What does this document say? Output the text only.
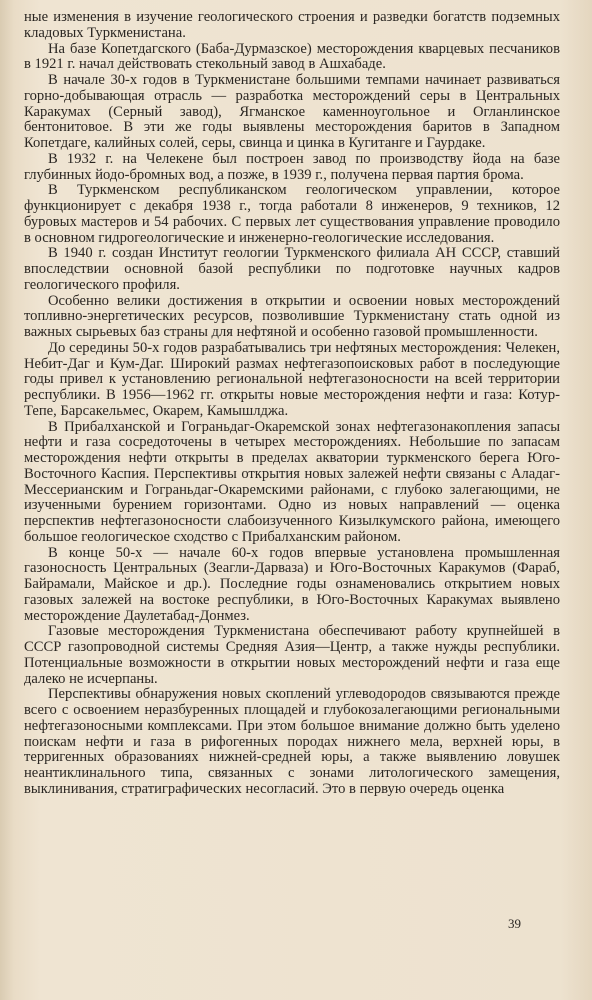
ные изменения в изучение геологического строения и разведки богатств подземных кладовых Туркменистана.

На базе Копетдагского (Баба-Дурмазское) месторождения кварцевых песчаников в 1921 г. начал действовать стекольный завод в Ашхабаде.

В начале 30-х годов в Туркменистане большими темпами начинает развиваться горно-добывающая отрасль — разработка месторождений серы в Центральных Каракумах (Серный завод), Ягманское каменноугольное и Огланлинское бентонитовое. В эти же годы выявлены месторождения баритов в Западном Копетдаге, калийных солей, серы, свинца и цинка в Кугитанге и Гаурдаке.

В 1932 г. на Челекене был построен завод по производству йода на базе глубинных йодо-бромных вод, а позже, в 1939 г., получена первая партия брома.

В Туркменском республиканском геологическом управлении, которое функционирует с декабря 1938 г., тогда работали 8 инженеров, 9 техников, 12 буровых мастеров и 54 рабочих. С первых лет существования управление проводило в основном гидрогеологические и инженерно-геологические исследования.

В 1940 г. создан Институт геологии Туркменского филиала АН СССР, ставший впоследствии основной базой республики по подготовке научных кадров геологического профиля.

Особенно велики достижения в открытии и освоении новых месторождений топливно-энергетических ресурсов, позволившие Туркменистану стать одной из важных сырьевых баз страны для нефтяной и особенно газовой промышленности.

До середины 50-х годов разрабатывались три нефтяных месторождения: Челекен, Небит-Даг и Кум-Даг. Широкий размах нефтегазопоисковых работ в последующие годы привел к установлению региональной нефтегазоносности на всей территории республики. В 1956—1962 гг. открыты новые месторождения нефти и газа: Котур-Тепе, Барсакельмес, Окарем, Камышлджа.

В Прибалханской и Гограньдаг-Окаремской зонах нефтегазонакопления запасы нефти и газа сосредоточены в четырех месторождениях. Небольшие по запасам месторождения нефти открыты в пределах акватории туркменского берега Юго-Восточного Каспия. Перспективы открытия новых залежей нефти связаны с Аладаг-Мессерианским и Гограньдаг-Окаремскими районами, с глубоко залегающими, не изученными бурением горизонтами. Одно из новых направлений — оценка перспектив нефтегазоносности слабоизученного Кизылкумского района, имеющего большое геологическое сходство с Прибалханским районом.

В конце 50-х — начале 60-х годов впервые установлена промышленная газоносность Центральных (Зеагли-Дарваза) и Юго-Восточных Каракумов (Фараб, Байрамали, Майское и др.). Последние годы ознаменовались открытием новых газовых залежей на востоке республики, в Юго-Восточных Каракумах выявлено месторождение Даулетабад-Донмез.

Газовые месторождения Туркменистана обеспечивают работу крупнейшей в СССР газопроводной системы Средняя Азия—Центр, а также нужды республики. Потенциальные возможности в открытии новых месторождений нефти и газа еще далеко не исчерпаны.

Перспективы обнаружения новых скоплений углеводородов связываются прежде всего с освоением неразбуренных площадей и глубокозалегающими региональными нефтегазоносными комплексами. При этом большое внимание должно быть уделено поискам нефти и газа в рифогенных породах нижнего мела, верхней юры, в терригенных образованиях нижней-средней юры, а также выявлению ловушек неантиклинального типа, связанных с зонами литологического замещения, выклинивания, стратиграфических несогласий. Это в первую очередь оценка

39
